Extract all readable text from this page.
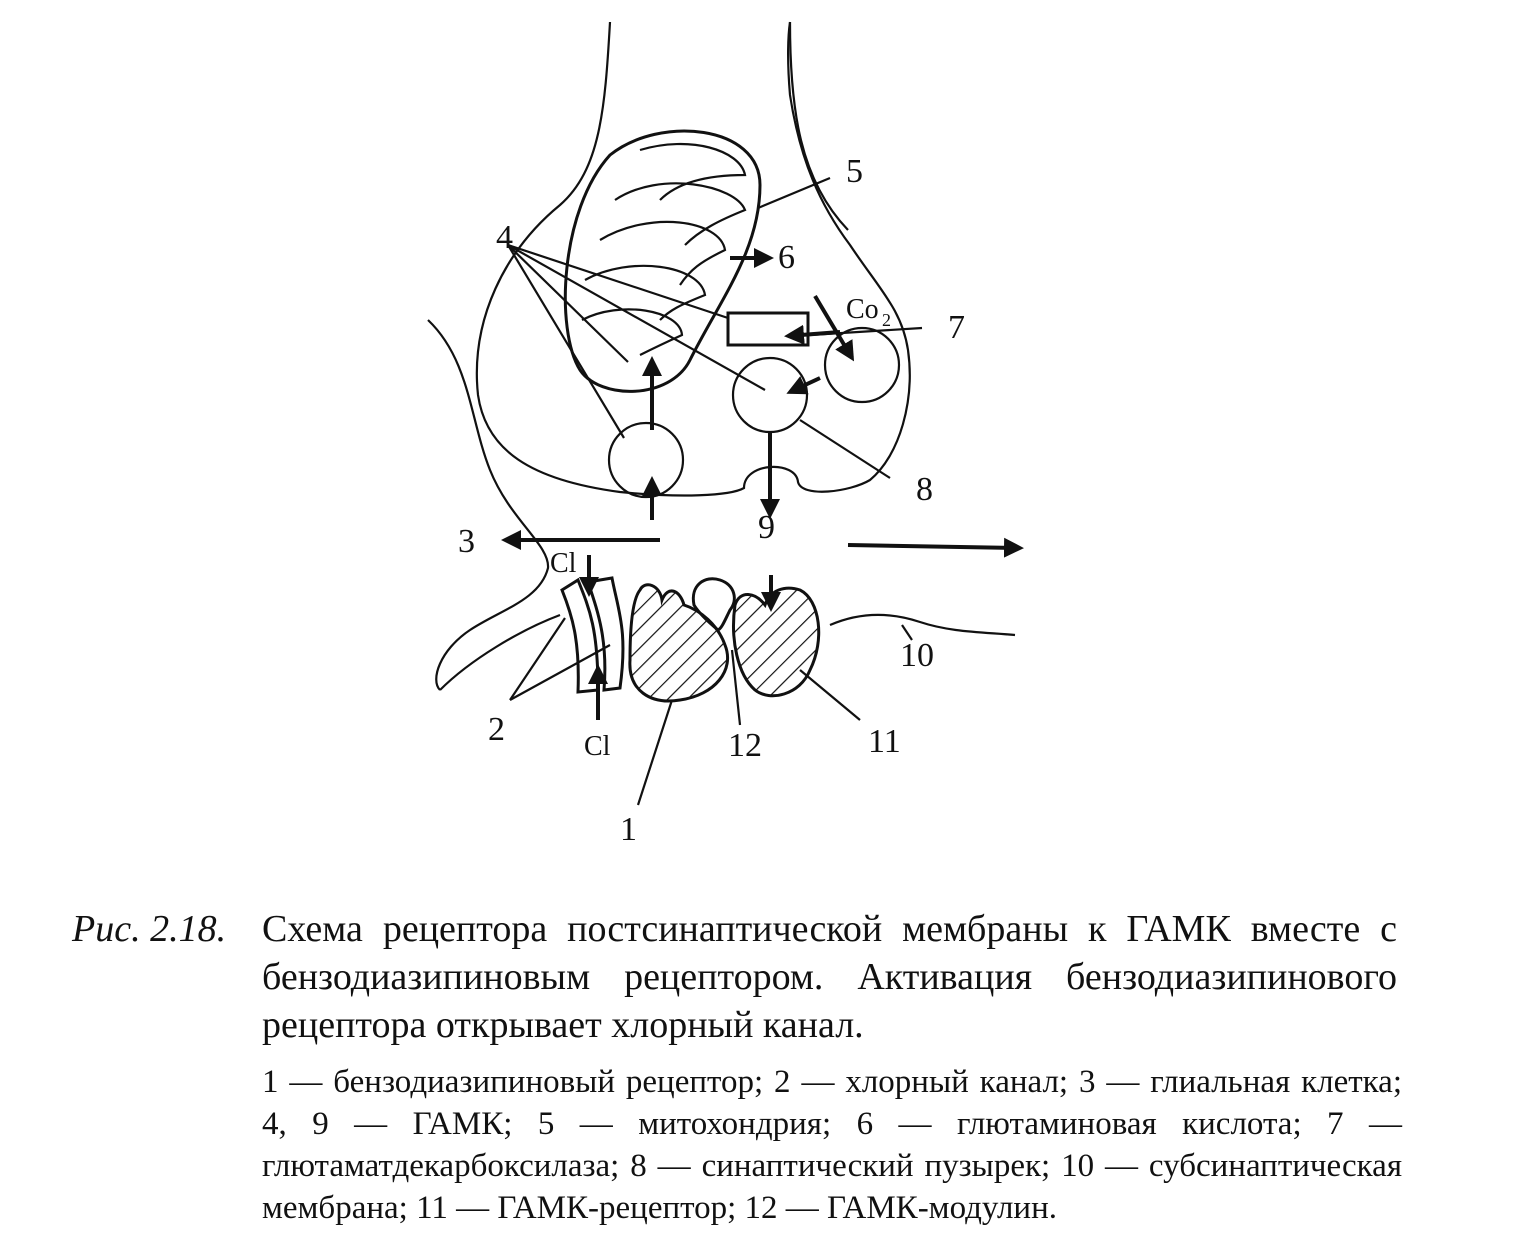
4
5
6
7
8
9
3
10
2	12	11
1
Cl
Cl
Co 2
Рис. 2.18. Схема рецептора постсинаптической мембраны к ГАМК вместе с бензодиазипиновым рецептором. Активация бензодиазипинового рецептора открывает хлорный канал.
1 — бензодиазипиновый рецептор; 2 — хлорный канал; 3 — глиальная клетка; 4, 9 — ГАМК; 5 — митохондрия; 6 — глютаминовая кислота; 7 — глютаматдекарбоксилаза; 8 — синаптический пузырек; 10 — субсинаптическая мембрана; 11 — ГАМК-рецептор; 12 — ГАМК-модулин.
